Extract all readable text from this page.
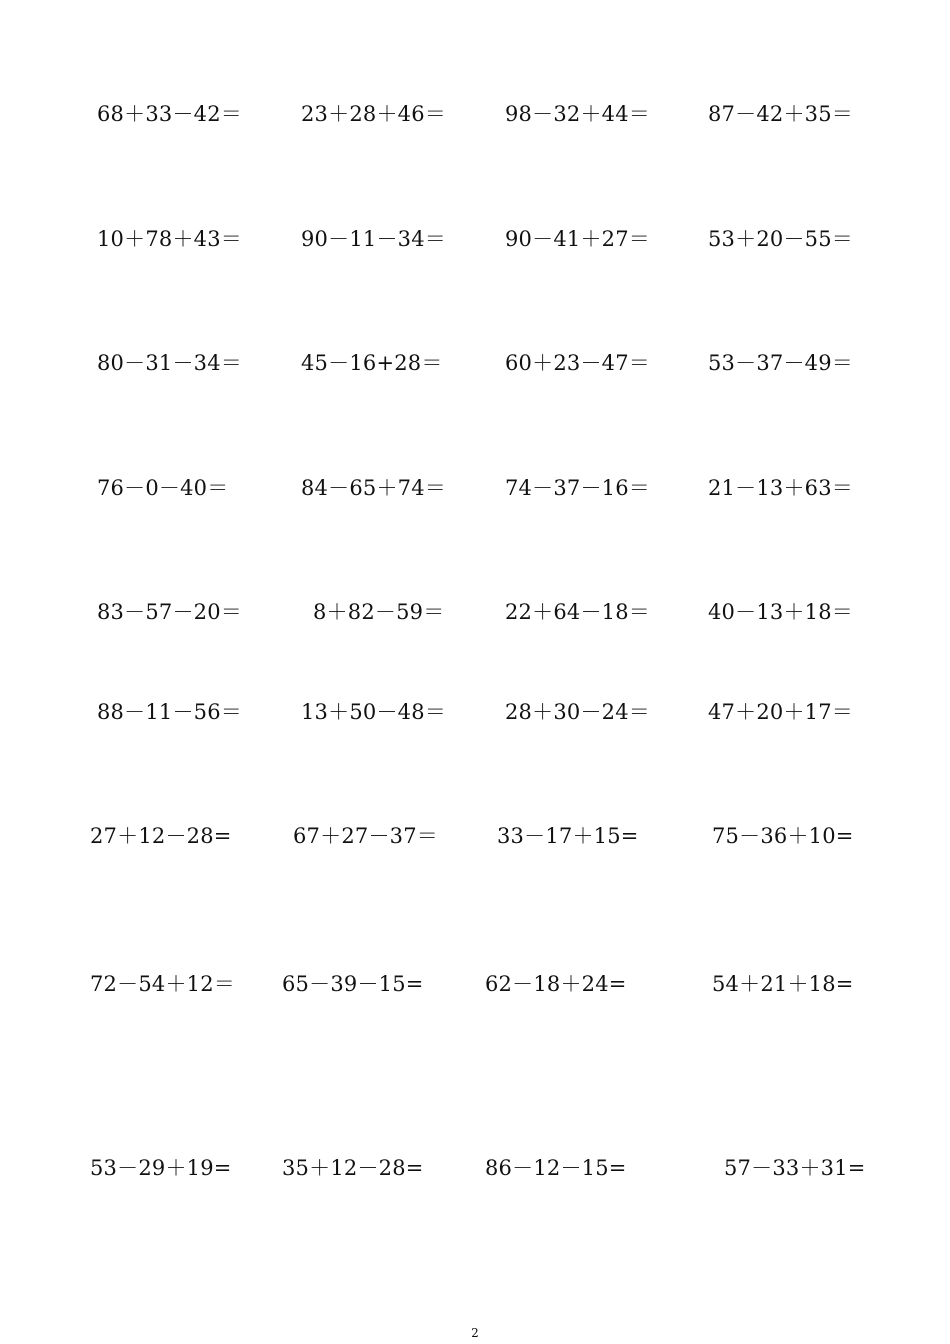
68＋33－42＝	23＋28＋46＝	98－32＋44＝	87－42＋35＝
10＋78＋43＝	90－11－34＝	90－41＋27＝	53＋20－55＝
80－31－34＝	45－16+28＝	60＋23－47＝	53－37－49＝
76－0－40＝	84－65＋74＝	74－37－16＝	21－13＋63＝
83－57－20＝	8＋82－59＝	22＋64－18＝	40－13＋18＝
88－11－56＝	13＋50－48＝	28＋30－24＝	47＋20＋17＝
27＋12－28=	67＋27－37＝	33－17＋15=	75－36＋10=
72－54＋12＝ 65－39－15=	62－18＋24=	54＋21＋18=
53－29＋19= 35＋12－28=	86－12－15=	57－33＋31=
2
